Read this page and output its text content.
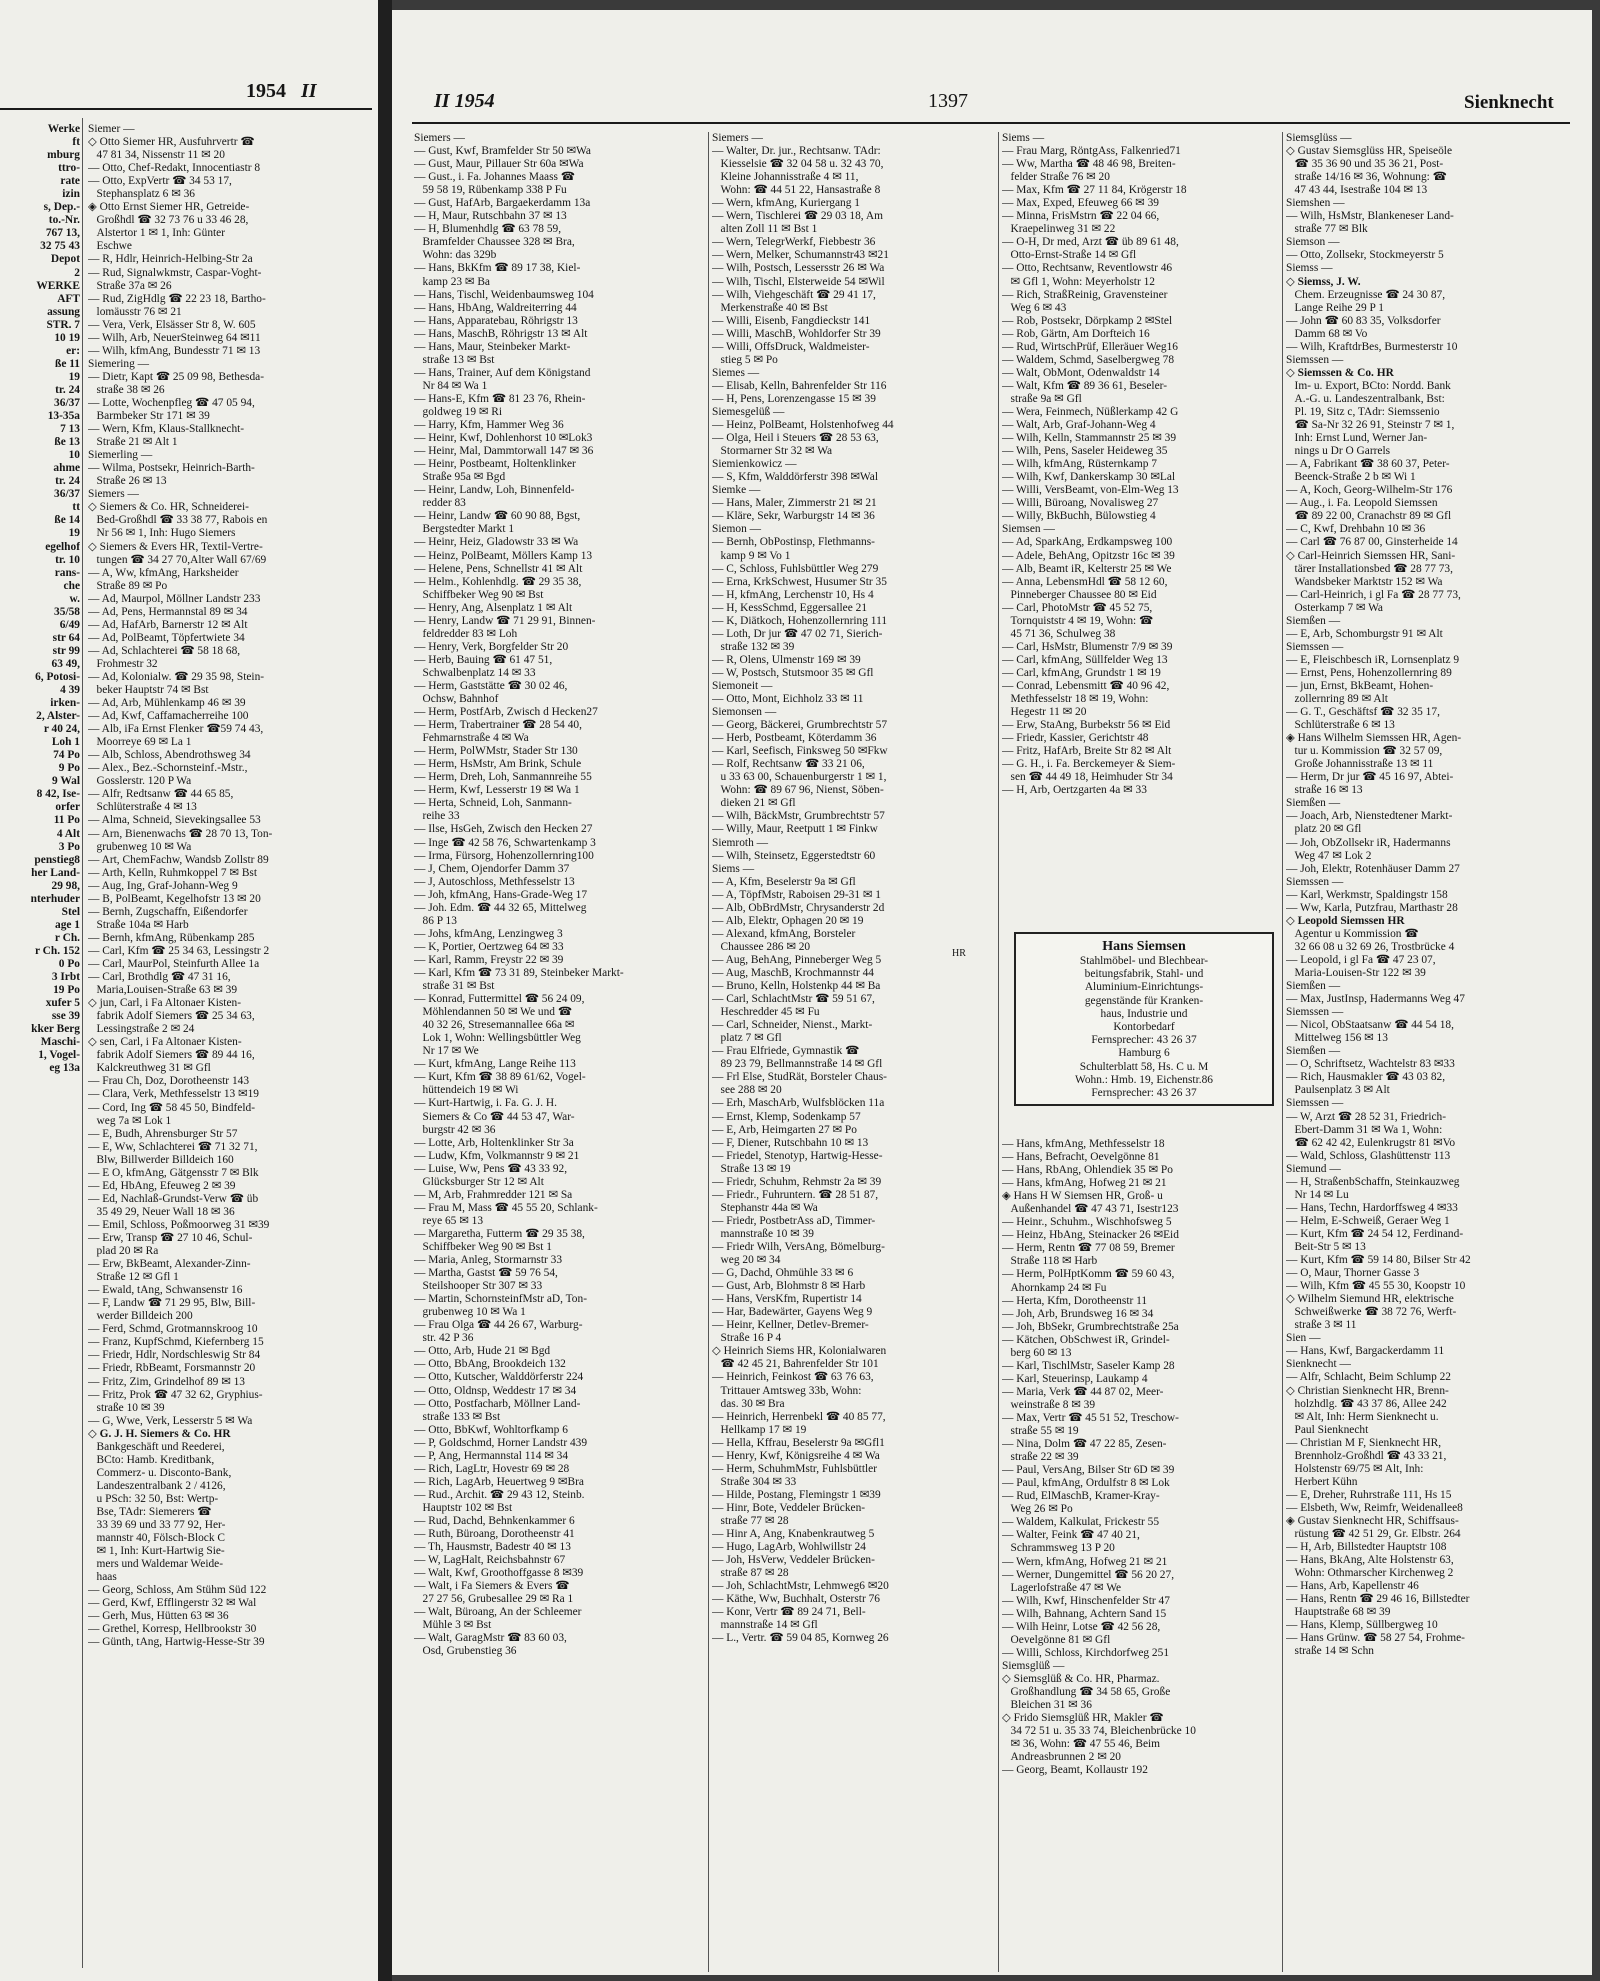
1954 II
Werke
ft
mburg
ttro-
rate
izin
s, Dep.-
to.-Nr.
767 13,
32 75 43
Depot
2
WERKE
AFT
assung
STR. 7
10 19
er:
ße 11
19
tr. 24
36/37
13-35a
7 13
ße 13
10
ahme
tr. 24
36/37
tt
ße 14
19
egelhof
tr. 10
rans-
che
w.
35/58
6/49
str 64
str 99
63 49,
6, Potosi-
4 39
irken-
2, Alster-
r 40 24,
Loh 1
74 Po
9 Po
9 Wal
8 42, Ise-
orfer
11 Po
4 Alt
3 Po
penstieg8
her Land-
29 98,
nterhuder
Stel
age 1
r Ch.
r Ch. 152
0 Po
3 Irbt
19 Po
xufer 5
sse 39
kker Berg
Maschi-
1, Vogel-
eg 13a
Siemer —
◇ Otto Siemer HR, Ausfuhrvertr ☎
47 81 34, Nissenstr 11 ✉ 20
— Otto, Chef-Redakt, Innocentiastr 8
— Otto, ExpVertr ☎ 34 53 17,
Stephansplatz 6 ✉ 36
◈ Otto Ernst Siemer HR, Getreide-
Großhdl ☎ 32 73 76 u 33 46 28,
Alstertor 1 ✉ 1, Inh: Günter
Eschwe
— R, Hdlr, Heinrich-Helbing-Str 2a
— Rud, Signalwkmstr, Caspar-Voght-
Straße 37a ✉ 26
— Rud, ZigHdlg ☎ 22 23 18, Bartho-
lomäusstr 76 ✉ 21
— Vera, Verk, Elsässer Str 8, W. 605
— Wilh, Arb, NeuerSteinweg 64 ✉11
— Wilh, kfmAng, Bundesstr 71 ✉ 13
Siemering —
— Dietr, Kapt ☎ 25 09 98, Bethesda-
straße 38 ✉ 26
— Lotte, Wochenpfleg ☎ 47 05 94,
Barmbeker Str 171 ✉ 39
— Wern, Kfm, Klaus-Stallknecht-
Straße 21 ✉ Alt 1
Siemerling —
— Wilma, Postsekr, Heinrich-Barth-
Straße 26 ✉ 13
Siemers —
◇ Siemers & Co. HR, Schneiderei-
Bed-Großhdl ☎ 33 38 77, Rabois en
Nr 56 ✉ 1, Inh: Hugo Siemers
◇ Siemers & Evers HR, Textil-Vertre-
tungen ☎ 34 27 70,Alter Wall 67/69
— A, Ww, kfmAng, Harksheider
Straße 89 ✉ Po
— Ad, Maurpol, Möllner Landstr 233
— Ad, Pens, Hermannstal 89 ✉ 34
— Ad, HafArb, Barnerstr 12 ✉ Alt
— Ad, PolBeamt, Töpfertwiete 34
— Ad, Schlachterei ☎ 58 18 68,
Frohmestr 32
— Ad, Kolonialw. ☎ 29 35 98, Stein-
beker Hauptstr 74 ✉ Bst
— Ad, Arb, Mühlenkamp 46 ✉ 39
— Ad, Kwf, Caffamacherreihe 100
— Alb, iFa Ernst Flenker ☎59 74 43,
Moorreye 69 ✉ La 1
— Alb, Schloss, Abendrothsweg 34
— Alex., Bez.-Schornsteinf.-Mstr.,
Gosslerstr. 120 P Wa
— Alfr, Redtsanw ☎ 44 65 85,
Schlüterstraße 4 ✉ 13
— Alma, Schneid, Sievekingsallee 53
— Arn, Bienenwachs ☎ 28 70 13, Ton-
grubenweg 10 ✉ Wa
— Art, ChemFachw, Wandsb Zollstr 89
— Arth, Kelln, Ruhmkoppel 7 ✉ Bst
— Aug, Ing, Graf-Johann-Weg 9
— B, PolBeamt, Kegelhofstr 13 ✉ 20
— Bernh, Zugschaffn, Eißendorfer
Straße 104a ✉ Harb
— Bernh, kfmAng, Rübenkamp 285
— Carl, Kfm ☎ 25 34 63, Lessingstr 2
— Carl, MaurPol, Steinfurth Allee 1a
— Carl, Brothdlg ☎ 47 31 16,
Maria,Louisen-Straße 63 ✉ 39
◇ jun, Carl, i Fa Altonaer Kisten-
fabrik Adolf Siemers ☎ 25 34 63,
Lessingstraße 2 ✉ 24
◇ sen, Carl, i Fa Altonaer Kisten-
fabrik Adolf Siemers ☎ 89 44 16,
Kalckreuthweg 31 ✉ Gfl
— Frau Ch, Doz, Dorotheenstr 143
— Clara, Verk, Methfesselstr 13 ✉19
— Cord, Ing ☎ 58 45 50, Bindfeld-
weg 7a ✉ Lok 1
— E, Budh, Ahrensburger Str 57
— E, Ww, Schlachterei ☎ 71 32 71,
Blw, Billwerder Billdeich 160
— E O, kfmAng, Gätgensstr 7 ✉ Blk
— Ed, HbAng, Efeuweg 2 ✉ 39
— Ed, Nachlaß-Grundst-Verw ☎ üb
35 49 29, Neuer Wall 18 ✉ 36
— Emil, Schloss, Poßmoorweg 31 ✉39
— Erw, Transp ☎ 27 10 46, Schul-
plad 20 ✉ Ra
— Erw, BkBeamt, Alexander-Zinn-
Straße 12 ✉ Gfl 1
— Ewald, tAng, Schwansenstr 16
— F, Landw ☎ 71 29 95, Blw, Bill-
werder Billdeich 200
— Ferd, Schmd, Grotmannskroog 10
— Franz, KupfSchmd, Kiefernberg 15
— Friedr, Hdlr, Nordschleswig Str 84
— Friedr, RbBeamt, Forsmannstr 20
— Fritz, Zim, Grindelhof 89 ✉ 13
— Fritz, Prok ☎ 47 32 62, Gryphius-
straße 10 ✉ 39
— G, Wwe, Verk, Lesserstr 5 ✉ Wa
◇ G. J. H. Siemers & Co. HR
Bankgeschäft und Reederei,
BCto: Hamb. Kreditbank,
Commerz- u. Disconto-Bank,
Landeszentralbank 2 / 4126,
u PSch: 32 50, Bst: Wertp-
Bse, TAdr: Siemerers ☎
33 39 69 und 33 77 92, Her-
mannstr 40, Fölsch-Block C
✉ 1, Inh: Kurt-Hartwig Sie-
mers und Waldemar Weide-
haas
— Georg, Schloss, Am Stühm Süd 122
— Gerd, Kwf, Efflingerstr 32 ✉ Wal
— Gerh, Mus, Hütten 63 ✉ 36
— Grethel, Korresp, Hellbrookstr 30
— Günth, tAng, Hartwig-Hesse-Str 39
II 1954	1397	Sienknecht
Siemers —
— Gust, Kwf, Bramfelder Str 50 ✉Wa
— Gust, Maur, Pillauer Str 60a ✉Wa
— Gust., i. Fa. Johannes Maass ☎
59 58 19, Rübenkamp 338 P Fu
— Gust, HafArb, Bargaekerdamm 13a
— H, Maur, Rutschbahn 37 ✉ 13
— H, Blumenhdlg ☎ 63 78 59,
Bramfelder Chaussee 328 ✉ Bra,
Wohn: das 329b
— Hans, BkKfm ☎ 89 17 38, Kiel-
kamp 23 ✉ Ba
— Hans, Tischl, Weidenbaumsweg 104
— Hans, HbAng, Waldreiterring 44
— Hans, Apparatebau, Röhrigstr 13
— Hans, MaschB, Röhrigstr 13 ✉ Alt
— Hans, Maur, Steinbeker Markt-
straße 13 ✉ Bst
— Hans, Trainer, Auf dem Königstand
Nr 84 ✉ Wa 1
— Hans-E, Kfm ☎ 81 23 76, Rhein-
goldweg 19 ✉ Ri
— Harry, Kfm, Hammer Weg 36
— Heinr, Kwf, Dohlenhorst 10 ✉Lok3
— Heinr, Mal, Dammtorwall 147 ✉ 36
— Heinr, Postbeamt, Holtenklinker
Straße 95a ✉ Bgd
— Heinr, Landw, Loh, Binnenfeld-
redder 83
— Heinr, Landw ☎ 60 90 88, Bgst,
Bergstedter Markt 1
— Heinr, Heiz, Gladowstr 33 ✉ Wa
— Heinz, PolBeamt, Möllers Kamp 13
— Helene, Pens, Schnellstr 41 ✉ Alt
— Helm., Kohlenhdlg. ☎ 29 35 38,
Schiffbeker Weg 90 ✉ Bst
— Henry, Ang, Alsenplatz 1 ✉ Alt
— Henry, Landw ☎ 71 29 91, Binnen-
feldredder 83 ✉ Loh
— Henry, Verk, Borgfelder Str 20
— Herb, Bauing ☎ 61 47 51,
Schwalbenplatz 14 ✉ 33
— Herm, Gaststätte ☎ 30 02 46,
Ochsw, Bahnhof
— Herm, PostfArb, Zwisch d Hecken27
— Herm, Trabertrainer ☎ 28 54 40,
Fehmarnstraße 4 ✉ Wa
— Herm, PolWMstr, Stader Str 130
— Herm, HsMstr, Am Brink, Schule
— Herm, Dreh, Loh, Sanmannreihe 55
— Herm, Kwf, Lesserstr 19 ✉ Wa 1
— Herta, Schneid, Loh, Sanmann-
reihe 33
— Ilse, HsGeh, Zwisch den Hecken 27
— Inge ☎ 42 58 76, Schwartenkamp 3
— Irma, Fürsorg, Hohenzollernring100
— J, Chem, Ojendorfer Damm 37
— J, Autoschloss, Methfesselstr 13
— Joh, kfmAng, Hans-Grade-Weg 17
— Joh. Edm. ☎ 44 32 65, Mittelweg
86 P 13
— Johs, kfmAng, Lenzingweg 3
— K, Portier, Oertzweg 64 ✉ 33
— Karl, Ramm, Freystr 22 ✉ 39
— Karl, Kfm ☎ 73 31 89, Steinbeker Markt-
straße 31 ✉ Bst
— Konrad, Futtermittel ☎ 56 24 09,
Möhlendannen 50 ✉ We und ☎
40 32 26, Stresemannallee 66a ✉
Lok 1, Wohn: Wellingsbüttler Weg
Nr 17 ✉ We
— Kurt, kfmAng, Lange Reihe 113
— Kurt, Kfm ☎ 38 89 61/62, Vogel-
hüttendeich 19 ✉ Wi
— Kurt-Hartwig, i. Fa. G. J. H.
Siemers & Co ☎ 44 53 47, War-
burgstr 42 ✉ 36
— Lotte, Arb, Holtenklinker Str 3a
— Ludw, Kfm, Volkmannstr 9 ✉ 21
— Luise, Ww, Pens ☎ 43 33 92,
Glücksburger Str 12 ✉ Alt
— M, Arb, Frahmredder 121 ✉ Sa
— Frau M, Mass ☎ 45 55 20, Schlank-
reye 65 ✉ 13
— Margaretha, Futterm ☎ 29 35 38,
Schiffbeker Weg 90 ✉ Bst 1
— Maria, Anleg, Stormarnstr 33
— Martha, Gastst ☎ 59 76 54,
Steilshooper Str 307 ✉ 33
— Martin, SchornsteinfMstr aD, Ton-
grubenweg 10 ✉ Wa 1
— Frau Olga ☎ 44 26 67, Warburg-
str. 42 P 36
— Otto, Arb, Hude 21 ✉ Bgd
— Otto, BbAng, Brookdeich 132
— Otto, Kutscher, Walddörferstr 224
— Otto, Oldnsp, Weddestr 17 ✉ 34
— Otto, Postfacharb, Möllner Land-
straße 133 ✉ Bst
— Otto, BbKwf, Wohltorfkamp 6
— P, Goldschmd, Horner Landstr 439
— P, Ang, Hermannstal 114 ✉ 34
— Rich, LagLtr, Hovestr 69 ✉ 28
— Rich, LagArb, Heuertweg 9 ✉Bra
— Rud., Archit. ☎ 29 43 12, Steinb.
Hauptstr 102 ✉ Bst
— Rud, Dachd, Behnkenkammer 6
— Ruth, Büroang, Dorotheenstr 41
— Th, Hausmstr, Badestr 40 ✉ 13
— W, LagHalt, Reichsbahnstr 67
— Walt, Kwf, Groothoffgasse 8 ✉39
— Walt, i Fa Siemers & Evers ☎
27 27 56, Grubesallee 29 ✉ Ra 1
— Walt, Büroang, An der Schleemer
Mühle 3 ✉ Bst
— Walt, GaragMstr ☎ 83 60 03,
Osd, Grubenstieg 36
Siemers —
— Walter, Dr. jur., Rechtsanw. TAdr:
Kiesselsie ☎ 32 04 58 u. 32 43 70,
Kleine Johannisstraße 4 ✉ 11,
Wohn: ☎ 44 51 22, Hansastraße 8
— Wern, kfmAng, Kuriergang 1
— Wern, Tischlerei ☎ 29 03 18, Am
alten Zoll 11 ✉ Bst 1
— Wern, TelegrWerkf, Fiebbestr 36
— Wern, Melker, Schumannstr43 ✉21
— Wilh, Postsch, Lessersstr 26 ✉ Wa
— Wilh, Tischl, Elsterweide 54 ✉Wil
— Wilh, Viehgeschäft ☎ 29 41 17,
Merkenstraße 40 ✉ Bst
— Willi, Eisenb, Fangdieckstr 141
— Willi, MaschB, Wohldorfer Str 39
— Willi, OffsDruck, Waldmeister-
stieg 5 ✉ Po
Siemes —
— Elisab, Kelln, Bahrenfelder Str 116
— H, Pens, Lorenzengasse 15 ✉ 39
Siemesgelüß —
— Heinz, PolBeamt, Holstenhofweg 44
— Olga, Heil i Steuers ☎ 28 53 63,
Stormarner Str 32 ✉ Wa
Siemienkowicz —
— S, Kfm, Walddörferstr 398 ✉Wal
Siemke —
— Hans, Maler, Zimmerstr 21 ✉ 21
— Kläre, Sekr, Warburgstr 14 ✉ 36
Siemon —
— Bernh, ObPostinsp, Flethmanns-
kamp 9 ✉ Vo 1
— C, Schloss, Fuhlsbüttler Weg 279
— Erna, KrkSchwest, Husumer Str 35
— H, kfmAng, Lerchenstr 10, Hs 4
— H, KessSchmd, Eggersallee 21
— K, Diätkoch, Hohenzollernring 111
— Loth, Dr jur ☎ 47 02 71, Sierich-
straße 132 ✉ 39
— R, Olens, Ulmenstr 169 ✉ 39
— W, Postsch, Stutsmoor 35 ✉ Gfl
Siemoneit —
— Otto, Mont, Eichholz 33 ✉ 11
Siemonsen —
— Georg, Bäckerei, Grumbrechtstr 57
— Herb, Postbeamt, Köterdamm 36
— Karl, Seefisch, Finksweg 50 ✉Fkw
— Rolf, Rechtsanw ☎ 33 21 06,
u 33 63 00, Schauenburgerstr 1 ✉ 1,
Wohn: ☎ 89 67 96, Nienst, Söben-
dieken 21 ✉ Gfl
— Wilh, BäckMstr, Grumbrechtstr 57
— Willy, Maur, Reetputt 1 ✉ Finkw
Siemroth —
— Wilh, Steinsetz, Eggerstedtstr 60
Siems —
— A, Kfm, Beselerstr 9a ✉ Gfl
— A, TöpfMstr, Raboisen 29-31 ✉ 1
— Alb, ObBrdMstr, Chrysanderstr 2d
— Alb, Elektr, Ophagen 20 ✉ 19
— Alexand, kfmAng, Borsteler
Chaussee 286 ✉ 20
— Aug, BehAng, Pinneberger Weg 5
— Aug, MaschB, Krochmannstr 44
— Bruno, Kelln, Holstenkp 44 ✉ Ba
— Carl, SchlachtMstr ☎ 59 51 67,
Heschredder 45 ✉ Fu
— Carl, Schneider, Nienst., Markt-
platz 7 ✉ Gfl
— Frau Elfriede, Gymnastik ☎
89 23 79, Bellmannstraße 14 ✉ Gfl
— Frl Else, StudRät, Borsteler Chaus-
see 288 ✉ 20
— Erh, MaschArb, Wulfsblöcken 11a
— Ernst, Klemp, Sodenkamp 57
— E, Arb, Heimgarten 27 ✉ Po
— F, Diener, Rutschbahn 10 ✉ 13
— Friedel, Stenotyp, Hartwig-Hesse-
Straße 13 ✉ 19
— Friedr, Schuhm, Rehmstr 2a ✉ 39
— Friedr., Fuhruntern. ☎ 28 51 87,
Stephanstr 44a ✉ Wa
— Friedr, PostbetrAss aD, Timmer-
mannstraße 10 ✉ 39
— Friedr Wilh, VersAng, Bömelburg-
weg 20 ✉ 34
— G, Dachd, Ohmühle 33 ✉ 6
— Gust, Arb, Blohmstr 8 ✉ Harb
— Hans, VersKfm, Rupertistr 14
— Har, Badewärter, Gayens Weg 9
— Heinr, Kellner, Detlev-Bremer-
Straße 16 P 4
◇ Heinrich Siems HR, Kolonialwaren
☎ 42 45 21, Bahrenfelder Str 101
— Heinrich, Feinkost ☎ 63 76 63,
Trittauer Amtsweg 33b, Wohn:
das. 30 ✉ Bra
— Heinrich, Herrenbekl ☎ 40 85 77,
Hellkamp 17 ✉ 19
— Hella, Kffrau, Beselerstr 9a ✉Gfl1
— Henry, Kwf, Königsreihe 4 ✉ Wa
— Herm, SchuhmMstr, Fuhlsbüttler
Straße 304 ✉ 33
— Hilde, Postang, Flemingstr 1 ✉39
— Hinr, Bote, Veddeler Brücken-
straße 77 ✉ 28
— Hinr A, Ang, Knabenkrautweg 5
— Hugo, LagArb, Wohlwillstr 24
— Joh, HsVerw, Veddeler Brücken-
straße 87 ✉ 28
— Joh, SchlachtMstr, Lehmweg6 ✉20
— Käthe, Ww, Buchhalt, Osterstr 76
— Konr, Vertr ☎ 89 24 71, Bell-
mannstraße 14 ✉ Gfl
— L., Vertr. ☎ 59 04 85, Kornweg 26
Siems —
— Frau Marg, RöntgAss, Falkenried71
— Ww, Martha ☎ 48 46 98, Breiten-
felder Straße 76 ✉ 20
— Max, Kfm ☎ 27 11 84, Krögerstr 18
— Max, Exped, Efeuweg 66 ✉ 39
— Minna, FrisMstrn ☎ 22 04 66,
Kraepelinweg 31 ✉ 22
— O-H, Dr med, Arzt ☎ üb 89 61 48,
Otto-Ernst-Straße 14 ✉ Gfl
— Otto, Rechtsanw, Reventlowstr 46
✉ Gfl 1, Wohn: Meyerholstr 12
— Rich, StraßReinig, Gravensteiner
Weg 6 ✉ 43
— Rob, Postsekr, Dörpkamp 2 ✉Stel
— Rob, Gärtn, Am Dorfteich 16
— Rud, WirtschPrüf, Elleräuer Weg16
— Waldem, Schmd, Saselbergweg 78
— Walt, ObMont, Odenwaldstr 14
— Walt, Kfm ☎ 89 36 61, Beseler-
straße 9a ✉ Gfl
— Wera, Feinmech, Nüßlerkamp 42 G
— Walt, Arb, Graf-Johann-Weg 4
— Wilh, Kelln, Stammannstr 25 ✉ 39
— Wilh, Pens, Saseler Heideweg 35
— Wilh, kfmAng, Rüsternkamp 7
— Wilh, Kwf, Dankerskamp 30 ✉Lal
— Willi, VersBeamt, von-Elm-Weg 13
— Willi, Büroang, Novalisweg 27
— Willy, BkBuchh, Bülowstieg 4
Siemsen —
— Ad, SparkAng, Erdkampsweg 100
— Adele, BehAng, Opitzstr 16c ✉ 39
— Alb, Beamt iR, Kelterstr 25 ✉ We
— Anna, LebensmHdl ☎ 58 12 60,
Pinneberger Chaussee 80 ✉ Eid
— Carl, PhotoMstr ☎ 45 52 75,
Tornquiststr 4 ✉ 19, Wohn: ☎
45 71 36, Schulweg 38
— Carl, HsMstr, Blumenstr 7/9 ✉ 39
— Carl, kfmAng, Süllfelder Weg 13
— Carl, kfmAng, Grundstr 1 ✉ 19
— Conrad, Lebensmitt ☎ 40 96 42,
Methfesselstr 18 ✉ 19, Wohn:
Hegestr 11 ✉ 20
— Erw, StaAng, Burbekstr 56 ✉ Eid
— Friedr, Kassier, Gerichtstr 48
— Fritz, HafArb, Breite Str 82 ✉ Alt
— G. H., i. Fa. Berckemeyer & Siem-
sen ☎ 44 49 18, Heimhuder Str 34
— H, Arb, Oertzgarten 4a ✉ 33
HR	Hans Siemsen
Stahlmöbel- und Blechbear-
beitungsfabrik, Stahl- und
Aluminium-Einrichtungs-
gegenstände für Kranken-
haus, Industrie und
Kontorbedarf
Fernsprecher: 43 26 37
Hamburg 6
Schulterblatt 58, Hs. C u. M
Wohn.: Hmb. 19, Eichenstr.86
Fernsprecher: 43 26 37
— Hans, kfmAng, Methfesselstr 18
— Hans, Befracht, Oevelgönne 81
— Hans, RbAng, Ohlendiek 35 ✉ Po
— Hans, kfmAng, Hofweg 21 ✉ 21
◈ Hans H W Siemsen HR, Groß- u
Außenhandel ☎ 47 43 71, Isestr123
— Heinr., Schuhm., Wischhofsweg 5
— Heinz, HbAng, Steinacker 26 ✉Eid
— Herm, Rentn ☎ 77 08 59, Bremer
Straße 118 ✉ Harb
— Herm, PolHptKomm ☎ 59 60 43,
Ahornkamp 24 ✉ Fu
— Herta, Kfm, Dorotheenstr 11
— Joh, Arb, Brundsweg 16 ✉ 34
— Joh, BbSekr, Grumbrechtstraße 25a
— Kätchen, ObSchwest iR, Grindel-
berg 60 ✉ 13
— Karl, TischlMstr, Saseler Kamp 28
— Karl, Steuerinsp, Laukamp 4
— Maria, Verk ☎ 44 87 02, Meer-
weinstraße 8 ✉ 39
— Max, Vertr ☎ 45 51 52, Treschow-
straße 55 ✉ 19
— Nina, Dolm ☎ 47 22 85, Zesen-
straße 22 ✉ 39
— Paul, VersAng, Bilser Str 6D ✉ 39
— Paul, kfmAng, Ordulfstr 8 ✉ Lok
— Rud, ElMaschB, Kramer-Kray-
Weg 26 ✉ Po
— Waldem, Kalkulat, Frickestr 55
— Walter, Feink ☎ 47 40 21,
Schrammsweg 13 P 20
— Wern, kfmAng, Hofweg 21 ✉ 21
— Werner, Dungemittel ☎ 56 20 27,
Lagerlofstraße 47 ✉ We
— Wilh, Kwf, Hinschenfelder Str 47
— Wilh, Bahnang, Achtern Sand 15
— Wilh Heinr, Lotse ☎ 42 56 28,
Oevelgönne 81 ✉ Gfl
— Willi, Schloss, Kirchdorfweg 251
Siemsglüß —
◇ Siemsglüß & Co. HR, Pharmaz.
Großhandlung ☎ 34 58 65, Große
Bleichen 31 ✉ 36
◇ Frido Siemsglüß HR, Makler ☎
34 72 51 u. 35 33 74, Bleichenbrücke 10
✉ 36, Wohn: ☎ 47 55 46, Beim
Andreasbrunnen 2 ✉ 20
— Georg, Beamt, Kollaustr 192
Siemsglüss —
◇ Gustav Siemsglüss HR, Speiseöle
☎ 35 36 90 und 35 36 21, Post-
straße 14/16 ✉ 36, Wohnung: ☎
47 43 44, Isestraße 104 ✉ 13
Siemshen —
— Wilh, HsMstr, Blankeneser Land-
straße 77 ✉ Blk
Siemson —
— Otto, Zollsekr, Stockmeyerstr 5
Siemss —
◇ Siemss, J. W.
Chem. Erzeugnisse ☎ 24 30 87,
Lange Reihe 29 P 1
— John ☎ 60 83 35, Volksdorfer
Damm 68 ✉ Vo
— Wilh, KraftdrBes, Burmesterstr 10
Siemssen —
◇ Siemssen & Co. HR
Im- u. Export, BCto: Nordd. Bank
A.-G. u. Landeszentralbank, Bst:
Pl. 19, Sitz c, TAdr: Siemssenio
☎ Sa-Nr 32 26 91, Steinstr 7 ✉ 1,
Inh: Ernst Lund, Werner Jan-
nings u Dr O Garrels
— A, Fabrikant ☎ 38 60 37, Peter-
Beenck-Straße 2 b ✉ Wi 1
— A, Koch, Georg-Wilhelm-Str 176
— Aug., i. Fa. Leopold Siemssen
☎ 89 22 00, Cranachstr 89 ✉ Gfl
— C, Kwf, Drehbahn 10 ✉ 36
— Carl ☎ 76 87 00, Ginsterheide 14
◇ Carl-Heinrich Siemssen HR, Sani-
tärer Installationsbed ☎ 28 77 73,
Wandsbeker Marktstr 152 ✉ Wa
— Carl-Heinrich, i gl Fa ☎ 28 77 73,
Osterkamp 7 ✉ Wa
Siemßen —
— E, Arb, Schomburgstr 91 ✉ Alt
Siemssen —
— E, Fleischbesch iR, Lornsenplatz 9
— Ernst, Pens, Hohenzollernring 89
— jun, Ernst, BkBeamt, Hohen-
zollernring 89 ✉ Alt
— G. T., Geschäftsf ☎ 32 35 17,
Schlüterstraße 6 ✉ 13
◈ Hans Wilhelm Siemssen HR, Agen-
tur u. Kommission ☎ 32 57 09,
Große Johannisstraße 13 ✉ 11
— Herm, Dr jur ☎ 45 16 97, Abtei-
straße 16 ✉ 13
Siemßen —
— Joach, Arb, Nienstedtener Markt-
platz 20 ✉ Gfl
— Joh, ObZollsekr iR, Hadermanns
Weg 47 ✉ Lok 2
— Joh, Elektr, Rotenhäuser Damm 27
Siemssen —
— Karl, Werkmstr, Spaldingstr 158
— Ww, Karla, Putzfrau, Marthastr 28
◇ Leopold Siemssen HR
Agentur u Kommission ☎
32 66 08 u 32 69 26, Trostbrücke 4
— Leopold, i gl Fa ☎ 47 23 07,
Maria-Louisen-Str 122 ✉ 39
Siemßen —
— Max, JustInsp, Hadermanns Weg 47
Siemssen —
— Nicol, ObStaatsanw ☎ 44 54 18,
Mittelweg 156 ✉ 13
Siemßen —
— O, Schriftsetz, Wachtelstr 83 ✉33
— Rich, Hausmakler ☎ 43 03 82,
Paulsenplatz 3 ✉ Alt
Siemssen —
— W, Arzt ☎ 28 52 31, Friedrich-
Ebert-Damm 31 ✉ Wa 1, Wohn:
☎ 62 42 42, Eulenkrugstr 81 ✉Vo
— Wald, Schloss, Glashüttenstr 113
Siemund —
— H, StraßenbSchaffn, Steinkauzweg
Nr 14 ✉ Lu
— Hans, Techn, Hardorffsweg 4 ✉33
— Helm, E-Schweiß, Geraer Weg 1
— Kurt, Kfm ☎ 24 54 12, Ferdinand-
Beit-Str 5 ✉ 13
— Kurt, Kfm ☎ 59 14 80, Bilser Str 42
— O, Maur, Thorner Gasse 3
— Wilh, Kfm ☎ 45 55 30, Koopstr 10
◇ Wilhelm Siemund HR, elektrische
Schweißwerke ☎ 38 72 76, Werft-
straße 3 ✉ 11
Sien —
— Hans, Kwf, Bargackerdamm 11
Sienknecht —
— Alfr, Schlacht, Beim Schlump 22
◇ Christian Sienknecht HR, Brenn-
holzhdlg. ☎ 43 37 86, Allee 242
✉ Alt, Inh: Herm Sienknecht u.
Paul Sienknecht
— Christian M F, Sienknecht HR,
Brennholz-Großhdl ☎ 43 33 21,
Holstenstr 69/75 ✉ Alt, Inh:
Herbert Kühn
— E, Dreher, Ruhrstraße 111, Hs 15
— Elsbeth, Ww, Reimfr, Weidenallee8
◈ Gustav Sienknecht HR, Schiffsaus-
rüstung ☎ 42 51 29, Gr. Elbstr. 264
— H, Arb, Billstedter Hauptstr 108
— Hans, BkAng, Alte Holstenstr 63,
Wohn: Othmarscher Kirchenweg 2
— Hans, Arb, Kapellenstr 46
— Hans, Rentn ☎ 29 46 16, Billstedter
Hauptstraße 68 ✉ 39
— Hans, Klemp, Süllbergweg 10
— Hans Grünw. ☎ 58 27 54, Frohme-
straße 14 ✉ Schn
